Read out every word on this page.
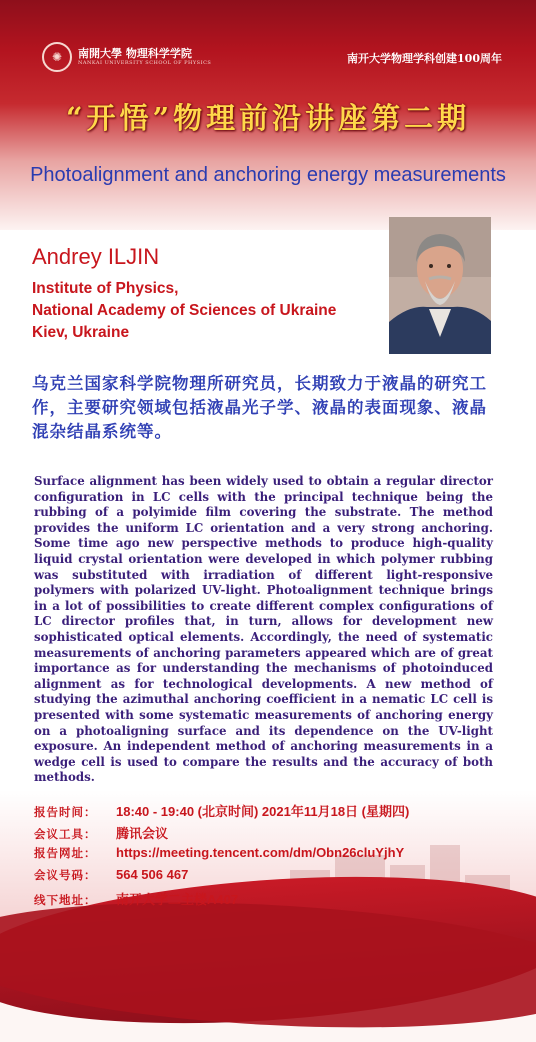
✺	南開大學 物理科学学院
NANKAI UNIVERSITY SCHOOL OF PHYSICS	南开大学物理学科创建100周年
“开悟”物理前沿讲座第二期
Photoalignment and anchoring energy measurements
Andrey ILJIN
Institute of Physics,
National Academy of Sciences of Ukraine
Kiev, Ukraine
乌克兰国家科学院物理所研究员，长期致力于液晶的研究工作，主要研究领域包括液晶光子学、液晶的表面现象、液晶混杂结晶系统等。
Surface alignment has been widely used to obtain a regular director configuration in LC cells with the principal technique being the rubbing of a polyimide film covering the substrate. The method provides the uniform LC orientation and a very strong anchoring. Some time ago new perspective methods to produce high-quality liquid crystal orientation were developed in which polymer rubbing was substituted with irradiation of different light-responsive polymers with polarized UV-light. Photoalignment technique brings in a lot of possibilities to create different complex configurations of LC director profiles that, in turn, allows for development new sophisticated optical elements. Accordingly, the need of systematic measurements of anchoring parameters appeared which are of great importance as for understanding the mechanisms of photoinduced alignment as for technological developments. A new method of studying the azimuthal anchoring coefficient in a nematic LC cell is presented with some systematic measurements of anchoring energy on a photoaligning surface and its dependence on the UV-light exposure. An independent method of anchoring measurements in a wedge cell is used to compare the results and the accuracy of both methods.
报告时间： 18:40 - 19:40 (北京时间) 2021年11月18日 (星期四)
会议工具： 腾讯会议
报告网址： https://meeting.tencent.com/dm/Obn26cluYjhY
会议号码： 564 506 467
线下地址： 南开大学二主楼A407
